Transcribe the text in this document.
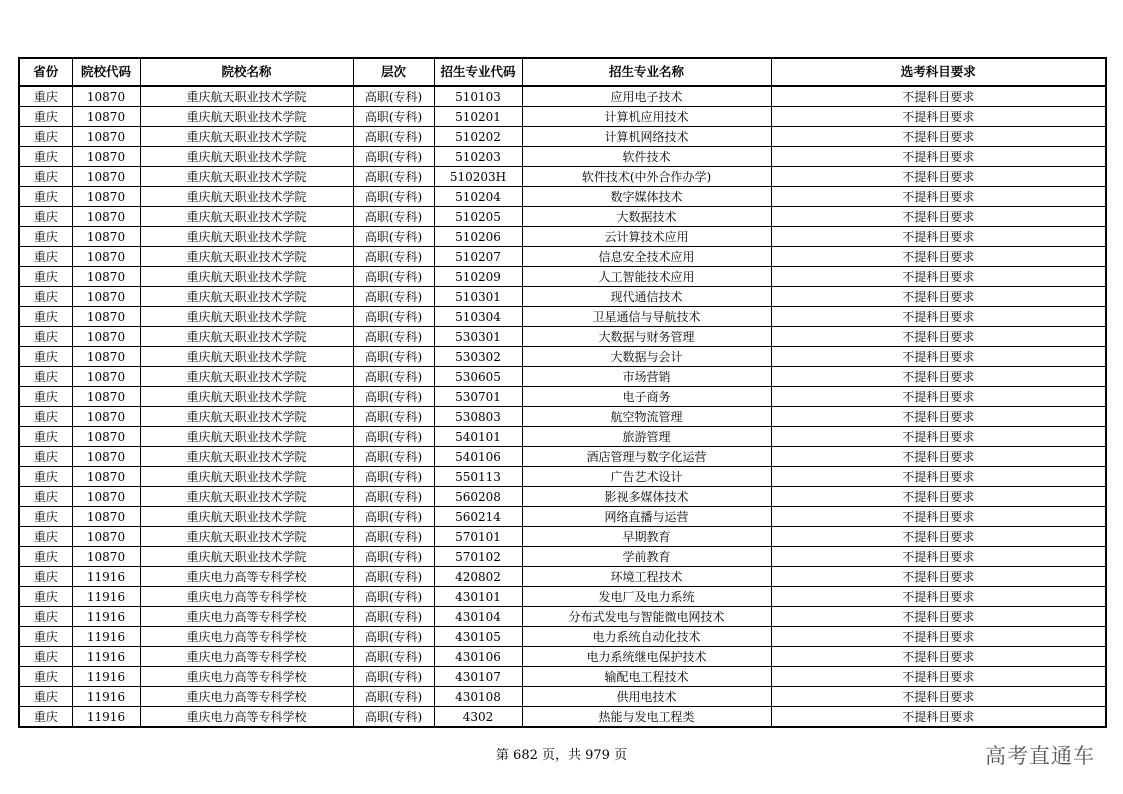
省份	院校代码	院校名称	层次	招生专业代码	招生专业名称	选考科目要求
重庆	10870	重庆航天职业技术学院	高职(专科)	510103	应用电子技术	不提科目要求
重庆	10870	重庆航天职业技术学院	高职(专科)	510201	计算机应用技术	不提科目要求
重庆	10870	重庆航天职业技术学院	高职(专科)	510202	计算机网络技术	不提科目要求
重庆	10870	重庆航天职业技术学院	高职(专科)	510203	软件技术	不提科目要求
重庆	10870	重庆航天职业技术学院	高职(专科)	510203H	软件技术(中外合作办学)	不提科目要求
重庆	10870	重庆航天职业技术学院	高职(专科)	510204	数字媒体技术	不提科目要求
重庆	10870	重庆航天职业技术学院	高职(专科)	510205	大数据技术	不提科目要求
重庆	10870	重庆航天职业技术学院	高职(专科)	510206	云计算技术应用	不提科目要求
重庆	10870	重庆航天职业技术学院	高职(专科)	510207	信息安全技术应用	不提科目要求
重庆	10870	重庆航天职业技术学院	高职(专科)	510209	人工智能技术应用	不提科目要求
重庆	10870	重庆航天职业技术学院	高职(专科)	510301	现代通信技术	不提科目要求
重庆	10870	重庆航天职业技术学院	高职(专科)	510304	卫星通信与导航技术	不提科目要求
重庆	10870	重庆航天职业技术学院	高职(专科)	530301	大数据与财务管理	不提科目要求
重庆	10870	重庆航天职业技术学院	高职(专科)	530302	大数据与会计	不提科目要求
重庆	10870	重庆航天职业技术学院	高职(专科)	530605	市场营销	不提科目要求
重庆	10870	重庆航天职业技术学院	高职(专科)	530701	电子商务	不提科目要求
重庆	10870	重庆航天职业技术学院	高职(专科)	530803	航空物流管理	不提科目要求
重庆	10870	重庆航天职业技术学院	高职(专科)	540101	旅游管理	不提科目要求
重庆	10870	重庆航天职业技术学院	高职(专科)	540106	酒店管理与数字化运营	不提科目要求
重庆	10870	重庆航天职业技术学院	高职(专科)	550113	广告艺术设计	不提科目要求
重庆	10870	重庆航天职业技术学院	高职(专科)	560208	影视多媒体技术	不提科目要求
重庆	10870	重庆航天职业技术学院	高职(专科)	560214	网络直播与运营	不提科目要求
重庆	10870	重庆航天职业技术学院	高职(专科)	570101	早期教育	不提科目要求
重庆	10870	重庆航天职业技术学院	高职(专科)	570102	学前教育	不提科目要求
重庆	11916	重庆电力高等专科学校	高职(专科)	420802	环境工程技术	不提科目要求
重庆	11916	重庆电力高等专科学校	高职(专科)	430101	发电厂及电力系统	不提科目要求
重庆	11916	重庆电力高等专科学校	高职(专科)	430104	分布式发电与智能微电网技术	不提科目要求
重庆	11916	重庆电力高等专科学校	高职(专科)	430105	电力系统自动化技术	不提科目要求
重庆	11916	重庆电力高等专科学校	高职(专科)	430106	电力系统继电保护技术	不提科目要求
重庆	11916	重庆电力高等专科学校	高职(专科)	430107	输配电工程技术	不提科目要求
重庆	11916	重庆电力高等专科学校	高职(专科)	430108	供用电技术	不提科目要求
重庆	11916	重庆电力高等专科学校	高职(专科)	4302	热能与发电工程类	不提科目要求
第 682 页，共 979 页	高考直通车
